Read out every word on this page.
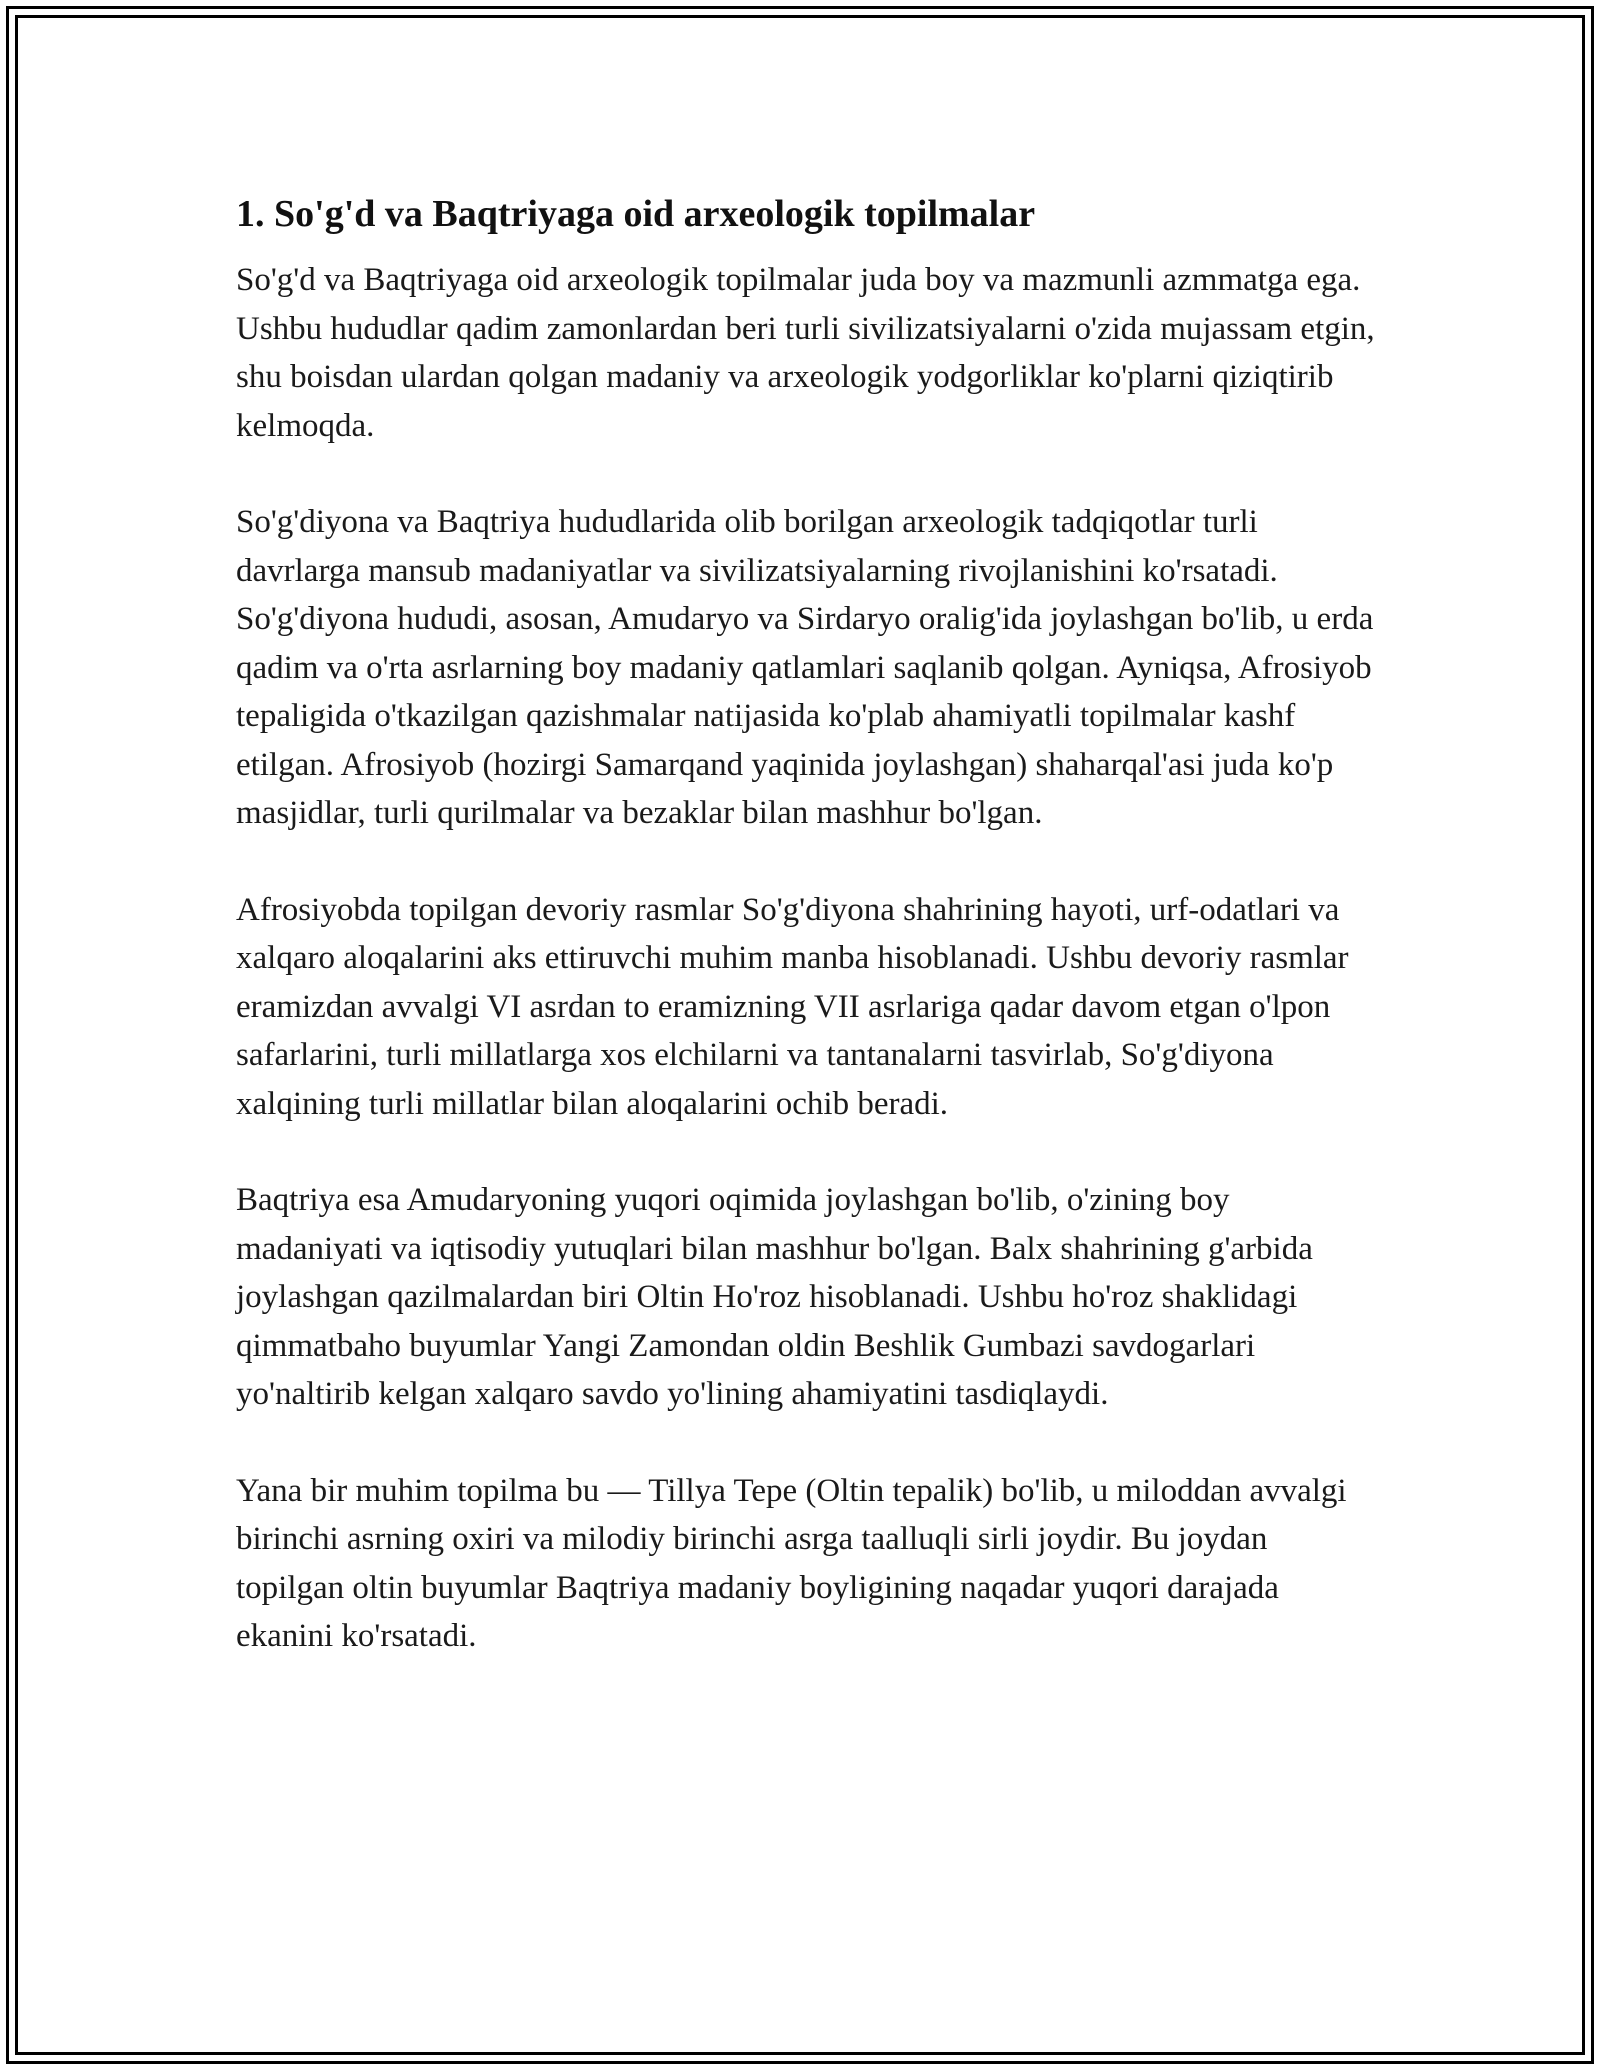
1. So'g'd va Baqtriyaga oid arxeologik topilmalar

So'g'd va Baqtriyaga oid arxeologik topilmalar juda boy va mazmunli azmmatga ega. Ushbu hududlar qadim zamonlardan beri turli sivilizatsiyalarni o'zida mujassam etgin, shu boisdan ulardan qolgan madaniy va arxeologik yodgorliklar ko'plarni qiziqtirib kelmoqda.

So'g'diyona va Baqtriya hududlarida olib borilgan arxeologik tadqiqotlar turli davrlarga mansub madaniyatlar va sivilizatsiyalarning rivojlanishini ko'rsatadi. So'g'diyona hududi, asosan, Amudaryo va Sirdaryo oralig'ida joylashgan bo'lib, u erda qadim va o'rta asrlarning boy madaniy qatlamlari saqlanib qolgan. Ayniqsa, Afrosiyob tepaligida o'tkazilgan qazishmalar natijasida ko'plab ahamiyatli topilmalar kashf etilgan. Afrosiyob (hozirgi Samarqand yaqinida joylashgan) shaharqal'asi juda ko'p masjidlar, turli qurilmalar va bezaklar bilan mashhur bo'lgan.

Afrosiyobda topilgan devoriy rasmlar So'g'diyona shahrining hayoti, urf-odatlari va xalqaro aloqalarini aks ettiruvchi muhim manba hisoblanadi. Ushbu devoriy rasmlar eramizdan avvalgi VI asrdan to eramizning VII asrlariga qadar davom etgan o'lpon safarlarini, turli millatlarga xos elchilarni va tantanalarni tasvirlab, So'g'diyona xalqining turli millatlar bilan aloqalarini ochib beradi.

Baqtriya esa Amudaryoning yuqori oqimida joylashgan bo'lib, o'zining boy madaniyati va iqtisodiy yutuqlari bilan mashhur bo'lgan. Balx shahrining g'arbida joylashgan qazilmalardan biri Oltin Ho'roz hisoblanadi. Ushbu ho'roz shaklidagi qimmatbaho buyumlar Yangi Zamondan oldin Beshlik Gumbazi savdogarlari yo'naltirib kelgan xalqaro savdo yo'lining ahamiyatini tasdiqlaydi.

Yana bir muhim topilma bu — Tillya Tepe (Oltin tepalik) bo'lib, u miloddan avvalgi birinchi asrning oxiri va milodiy birinchi asrga taalluqli sirli joydir. Bu joydan topilgan oltin buyumlar Baqtriya madaniy boyligining naqadar yuqori darajada ekanini ko'rsatadi.
